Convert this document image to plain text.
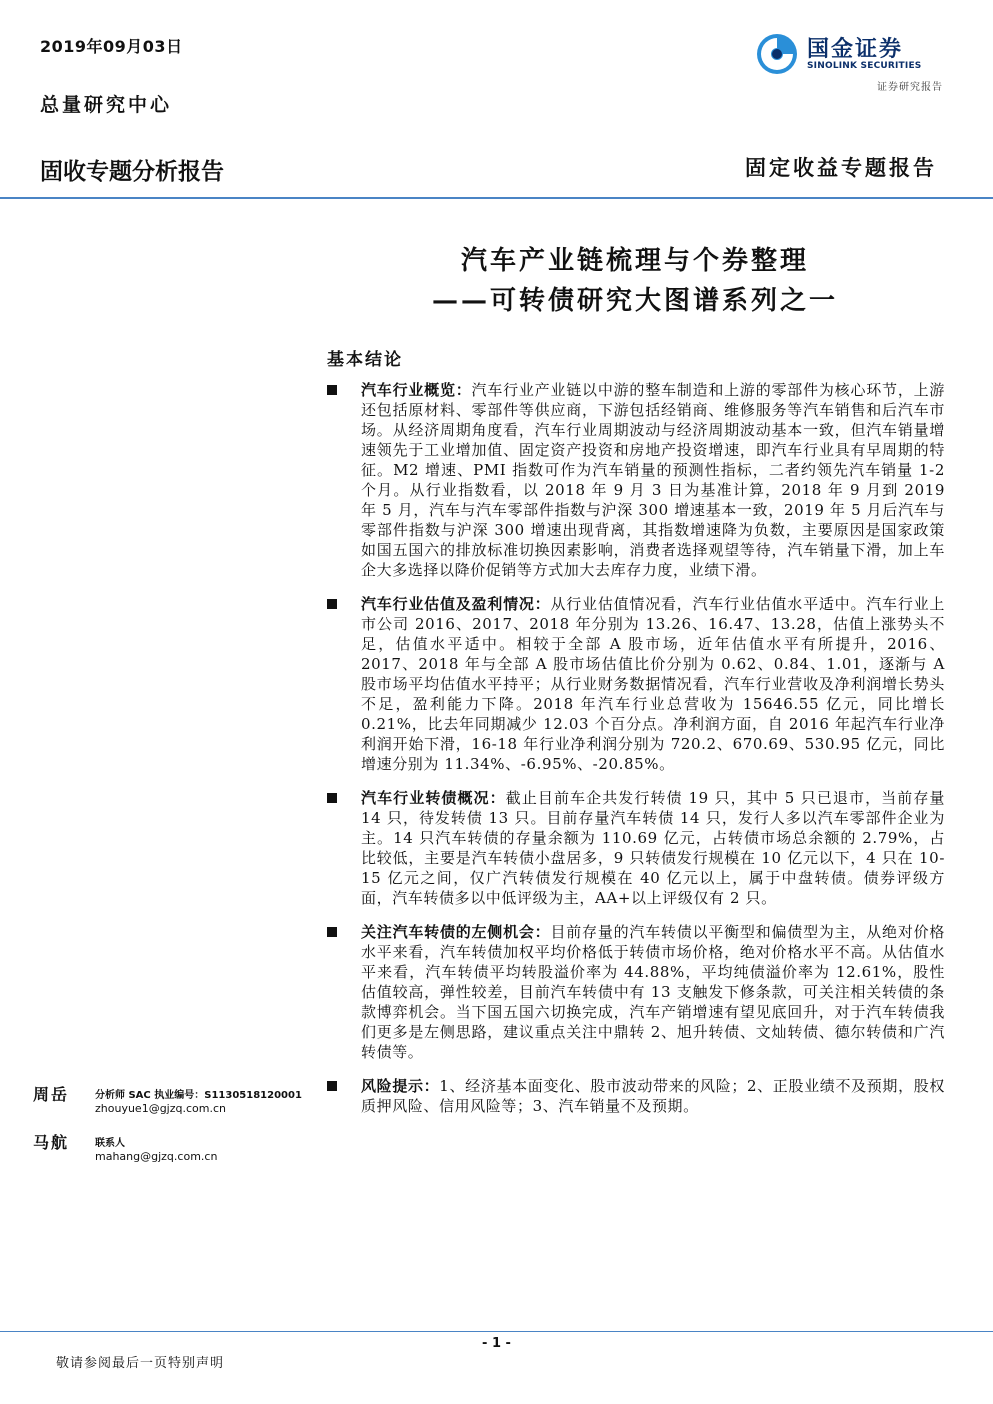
2019年09月03日
总量研究中心
国金证券
SINOLINK SECURITIES
证券研究报告
固收专题分析报告	固定收益专题报告
汽车产业链梳理与个券整理
——可转债研究大图谱系列之一
基本结论
汽车行业概览：汽车行业产业链以中游的整车制造和上游的零部件为核心环节，上游还包括原材料、零部件等供应商，下游包括经销商、维修服务等汽车销售和后汽车市场。从经济周期角度看，汽车行业周期波动与经济周期波动基本一致，但汽车销量增速领先于工业增加值、固定资产投资和房地产投资增速，即汽车行业具有早周期的特征。M2 增速、PMI 指数可作为汽车销量的预测性指标，二者约领先汽车销量 1-2 个月。从行业指数看，以 2018 年 9 月 3 日为基准计算，2018 年 9 月到 2019 年 5 月，汽车与汽车零部件指数与沪深 300 增速基本一致，2019 年 5 月后汽车与零部件指数与沪深 300 增速出现背离，其指数增速降为负数，主要原因是国家政策如国五国六的排放标准切换因素影响，消费者选择观望等待，汽车销量下滑，加上车企大多选择以降价促销等方式加大去库存力度，业绩下滑。
汽车行业估值及盈利情况：从行业估值情况看，汽车行业估值水平适中。汽车行业上市公司 2016、2017、2018 年分别为 13.26、16.47、13.28，估值上涨势头不足，估值水平适中。相较于全部 A 股市场，近年估值水平有所提升，2016、2017、2018 年与全部 A 股市场估值比价分别为 0.62、0.84、1.01，逐渐与 A 股市场平均估值水平持平；从行业财务数据情况看，汽车行业营收及净利润增长势头不足，盈利能力下降。2018 年汽车行业总营收为 15646.55 亿元，同比增长 0.21%，比去年同期减少 12.03 个百分点。净利润方面，自 2016 年起汽车行业净利润开始下滑，16-18 年行业净利润分别为 720.2、670.69、530.95 亿元，同比增速分别为 11.34%、-6.95%、-20.85%。
汽车行业转债概况：截止目前车企共发行转债 19 只，其中 5 只已退市，当前存量 14 只，待发转债 13 只。目前存量汽车转债 14 只，发行人多以汽车零部件企业为主。14 只汽车转债的存量余额为 110.69 亿元，占转债市场总余额的 2.79%，占比较低，主要是汽车转债小盘居多，9 只转债发行规模在 10 亿元以下，4 只在 10-15 亿元之间，仅广汽转债发行规模在 40 亿元以上，属于中盘转债。债券评级方面，汽车转债多以中低评级为主，AA+以上评级仅有 2 只。
关注汽车转债的左侧机会：目前存量的汽车转债以平衡型和偏债型为主，从绝对价格水平来看，汽车转债加权平均价格低于转债市场价格，绝对价格水平不高。从估值水平来看，汽车转债平均转股溢价率为 44.88%，平均纯债溢价率为 12.61%，股性估值较高，弹性较差，目前汽车转债中有 13 支触发下修条款，可关注相关转债的条款博弈机会。当下国五国六切换完成，汽车产销增速有望见底回升，对于汽车转债我们更多是左侧思路，建议重点关注中鼎转 2、旭升转债、文灿转债、德尔转债和广汽转债等。
风险提示：1、经济基本面变化、股市波动带来的风险；2、正股业绩不及预期，股权质押风险、信用风险等；3、汽车销量不及预期。
周岳	分析师 SAC 执业编号：S1130518120001
zhouyue1@gjzq.com.cn
马航	联系人
mahang@gjzq.com.cn
- 1 -
敬请参阅最后一页特别声明
